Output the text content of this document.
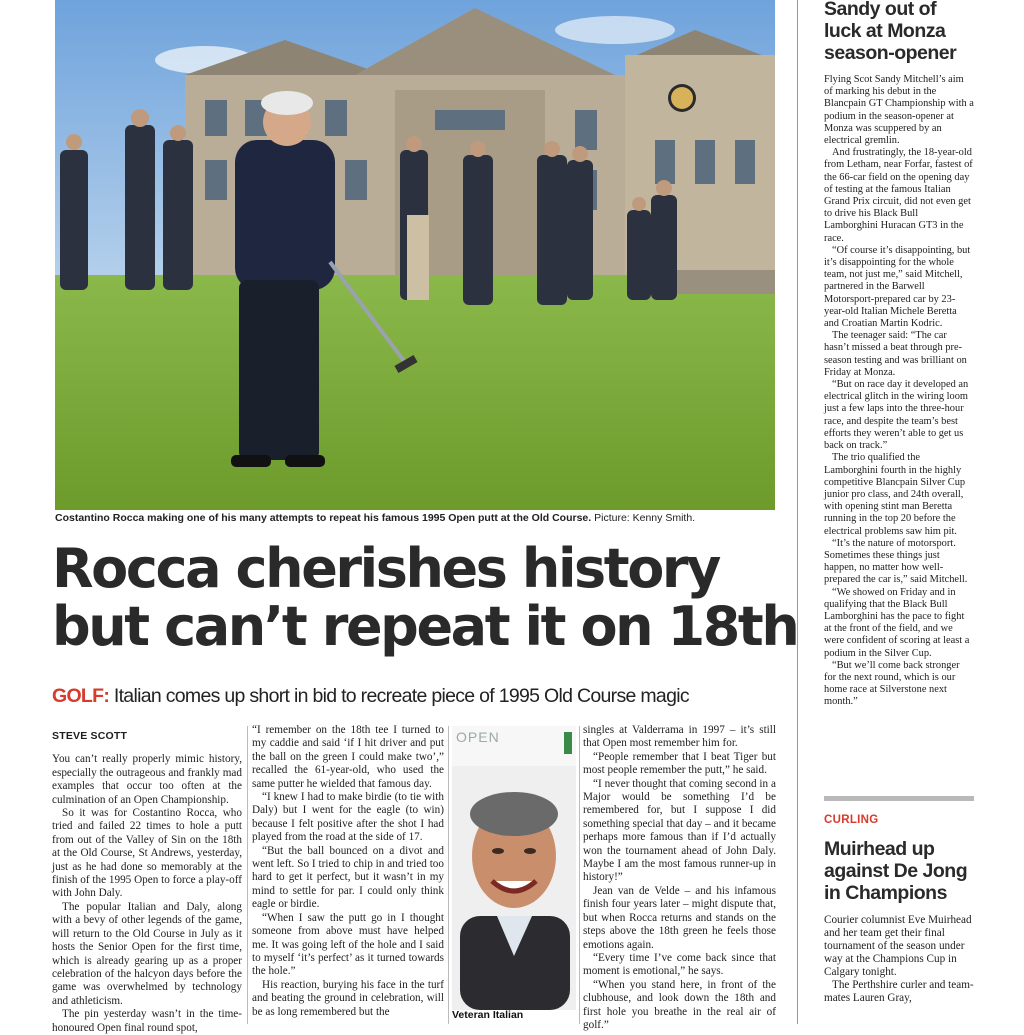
Costantino Rocca making one of his many attempts to repeat his famous 1995 Open putt at the Old Course. Picture: Kenny Smith.
Rocca cherishes history
but can’t repeat it on 18th
GOLF: Italian comes up short in bid to recreate piece of 1995 Old Course magic

STEVE SCOTT

You can’t really properly mimic history, especially the outrageous and frankly mad examples that occur too often at the culmination of an Open Championship.

So it was for Costantino Rocca, who tried and failed 22 times to hole a putt from out of the Valley of Sin on the 18th at the Old Course, St Andrews, yesterday, just as he had done so memorably at the finish of the 1995 Open to force a play-off with John Daly.

The popular Italian and Daly, along with a bevy of other legends of the game, will return to the Old Course in July as it hosts the Senior Open for the first time, which is already gearing up as a proper celebration of the halcyon days before the game was overwhelmed by technology and athleticism.

The pin yesterday wasn’t in the time-honoured Open final round spot,

“I remember on the 18th tee I turned to my caddie and said ‘if I hit driver and put the ball on the green I could make two’,” recalled the 61-year-old, who used the same putter he wielded that famous day.

“I knew I had to make birdie (to tie with Daly) but I went for the eagle (to win) because I felt positive after the shot I had played from the road at the side of 17.

“But the ball bounced on a divot and went left. So I tried to chip in and tried too hard to get it perfect, but it wasn’t in my mind to settle for par. I could only think eagle or birdie.

“When I saw the putt go in I thought someone from above must have helped me. It was going left of the hole and I said to myself ‘it’s perfect’ as it turned towards the hole.”

His reaction, burying his face in the turf and beating the ground in celebration, will be as long remembered but the

OPEN
Veteran Italian

singles at Valderrama in 1997 – it’s still that Open most remember him for.

“People remember that I beat Tiger but most people remember the putt,” he said.

“I never thought that coming second in a Major would be something I’d be remembered for, but I suppose I did something special that day – and it became perhaps more famous than if I’d actually won the tournament ahead of John Daly. Maybe I am the most famous runner-up in history!”

Jean van de Velde – and his infamous finish four years later – might dispute that, but when Rocca returns and stands on the steps above the 18th green he feels those emotions again.

“Every time I’ve come back since that moment is emotional,” he says.

“When you stand here, in front of the clubhouse, and look down the 18th and first hole you breathe in the real air of golf.”

Sandy out of luck at Monza season-opener

Flying Scot Sandy Mitchell’s aim of marking his debut in the Blancpain GT Championship with a podium in the season-opener at Monza was scuppered by an electrical gremlin.

And frustratingly, the 18-year-old from Letham, near Forfar, fastest of the 66-car field on the opening day of testing at the famous Italian Grand Prix circuit, did not even get to drive his Black Bull Lamborghini Huracan GT3 in the race.

“Of course it’s disappointing, but it’s disappointing for the whole team, not just me,” said Mitchell, partnered in the Barwell Motorsport-prepared car by 23-year-old Italian Michele Beretta and Croatian Martin Kodric.

The teenager said: “The car hasn’t missed a beat through pre-season testing and was brilliant on Friday at Monza.

“But on race day it developed an electrical glitch in the wiring loom just a few laps into the three-hour race, and despite the team’s best efforts they weren’t able to get us back on track.”

The trio qualified the Lamborghini fourth in the highly competitive Blancpain Silver Cup junior pro class, and 24th overall, with opening stint man Beretta running in the top 20 before the electrical problems saw him pit.

“It’s the nature of motorsport. Sometimes these things just happen, no matter how well-prepared the car is,” said Mitchell.

“We showed on Friday and in qualifying that the Black Bull Lamborghini has the pace to fight at the front of the field, and we were confident of scoring at least a podium in the Silver Cup.

“But we’ll come back stronger for the next round, which is our home race at Silverstone next month.”

CURLING
Muirhead up against De Jong in Champions

Courier columnist Eve Muirhead and her team get their final tournament of the season under way at the Champions Cup in Calgary tonight.

The Perthshire curler and team-mates Lauren Gray,
